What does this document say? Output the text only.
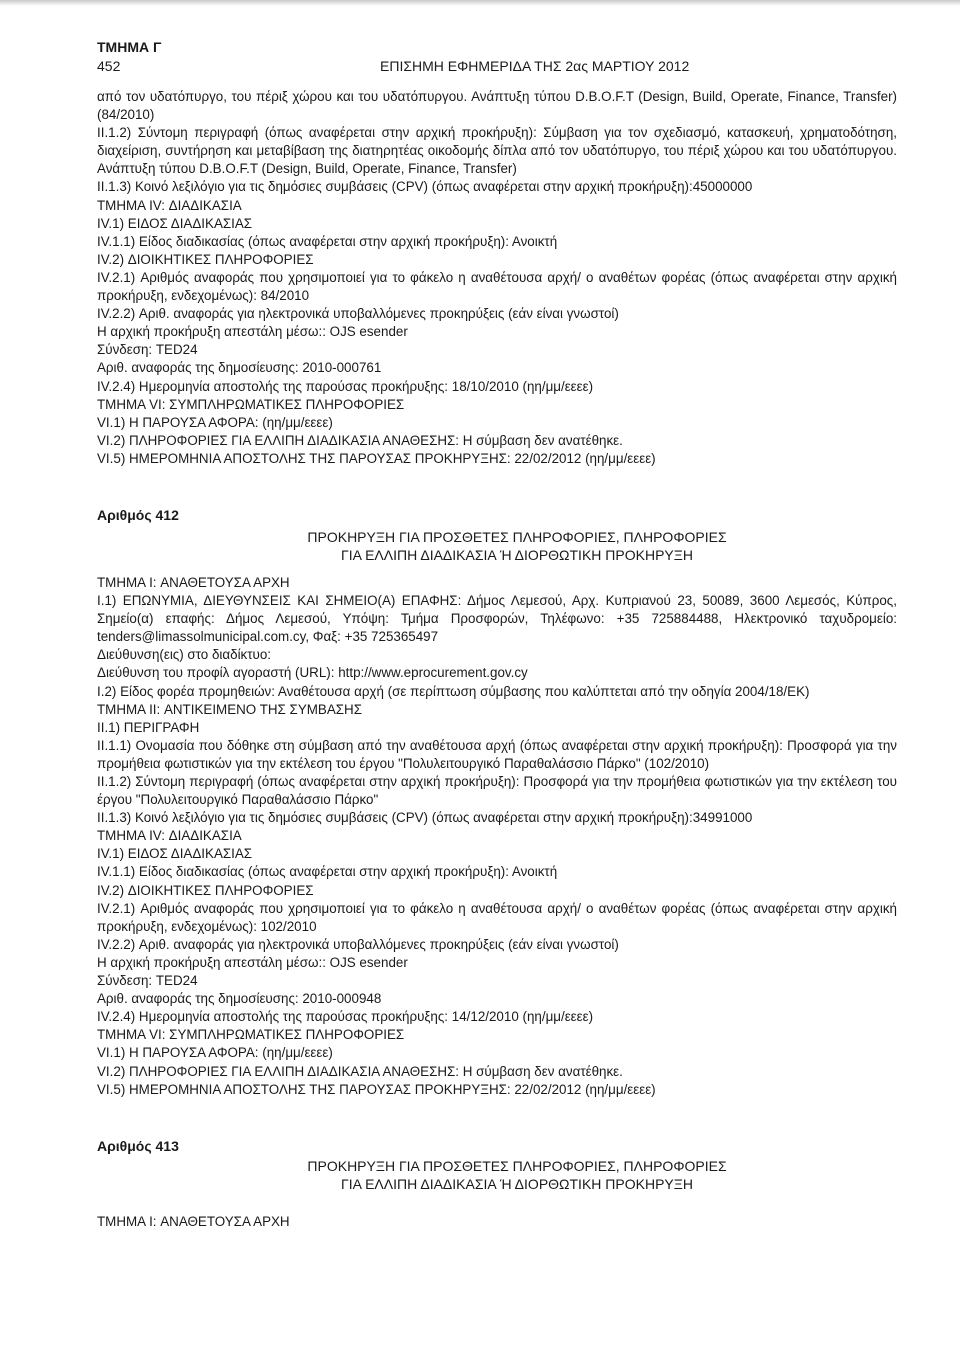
ΤΜΗΜΑ Γ

452	ΕΠΙΣΗΜΗ ΕΦΗΜΕΡΙΔΑ ΤΗΣ 2ας ΜΑΡΤΙΟΥ 2012

από τον υδατόπυργο, του πέριξ χώρου και του υδατόπυργου. Ανάπτυξη τύπου D.B.O.F.T (Design, Build, Operate, Finance, Transfer) (84/2010)

II.1.2) Σύντομη περιγραφή (όπως αναφέρεται στην αρχική προκήρυξη): Σύμβαση για τον σχεδιασμό, κατασκευή, χρηματοδότηση, διαχείριση, συντήρηση και μεταβίβαση της διατηρητέας οικοδομής δίπλα από τον υδατόπυργο, του πέριξ χώρου και του υδατόπυργου. Ανάπτυξη τύπου D.B.O.F.T (Design, Build, Operate, Finance, Transfer)

II.1.3) Κοινό λεξιλόγιο για τις δημόσιες συμβάσεις (CPV) (όπως αναφέρεται στην αρχική προκήρυξη):45000000

ΤΜΗΜΑ IV: ΔΙΑΔΙΚΑΣΙΑ

IV.1) ΕΙΔΟΣ ΔΙΑΔΙΚΑΣΙΑΣ

IV.1.1) Είδος διαδικασίας (όπως αναφέρεται στην αρχική προκήρυξη): Ανοικτή

IV.2) ΔΙΟΙΚΗΤΙΚΕΣ ΠΛΗΡΟΦΟΡΙΕΣ

IV.2.1) Αριθμός αναφοράς που χρησιμοποιεί για το φάκελο η αναθέτουσα αρχή/ ο αναθέτων φορέας (όπως αναφέρεται στην αρχική προκήρυξη, ενδεχομένως): 84/2010

IV.2.2) Αριθ. αναφοράς για ηλεκτρονικά υποβαλλόμενες προκηρύξεις (εάν είναι γνωστοί)

Η αρχική προκήρυξη απεστάλη μέσω:: OJS esender

Σύνδεση: TED24

Αριθ. αναφοράς της δημοσίευσης: 2010-000761

IV.2.4) Ημερομηνία αποστολής της παρούσας προκήρυξης: 18/10/2010 (ηη/μμ/εεεε)

ΤΜΗΜΑ VI: ΣΥΜΠΛΗΡΩΜΑΤΙΚΕΣ ΠΛΗΡΟΦΟΡΙΕΣ

VI.1) Η ΠΑΡΟΥΣΑ ΑΦΟΡΑ: (ηη/μμ/εεεε)

VI.2) ΠΛΗΡΟΦΟΡΙΕΣ ΓΙΑ ΕΛΛΙΠΗ ΔΙΑΔΙΚΑΣΙΑ ΑΝΑΘΕΣΗΣ: Η σύμβαση δεν ανατέθηκε.

VI.5) ΗΜΕΡΟΜΗΝΙΑ ΑΠΟΣΤΟΛΗΣ ΤΗΣ ΠΑΡΟΥΣΑΣ ΠΡΟΚΗΡΥΞΗΣ: 22/02/2012 (ηη/μμ/εεεε)

Αριθμός 412

ΠΡΟΚΗΡΥΞΗ ΓΙΑ ΠΡΟΣΘΕΤΕΣ ΠΛΗΡΟΦΟΡΙΕΣ, ΠΛΗΡΟΦΟΡΙΕΣ

ΓΙΑ ΕΛΛΙΠΗ ΔΙΑΔΙΚΑΣΙΑ Ή ΔΙΟΡΘΩΤΙΚΗ ΠΡΟΚΗΡΥΞΗ

ΤΜΗΜΑ I: ΑΝΑΘΕΤΟΥΣΑ ΑΡΧΗ

I.1) ΕΠΩΝΥΜΙΑ, ΔΙΕΥΘΥΝΣΕΙΣ ΚΑΙ ΣΗΜΕΙΟ(Α) ΕΠΑΦΗΣ: Δήμος Λεμεσού, Αρχ. Κυπριανού 23, 50089, 3600 Λεμεσός, Κύπρος, Σημείο(α) επαφής: Δήμος Λεμεσού, Υπόψη: Τμήμα Προσφορών, Τηλέφωνο: +35 725884488, Ηλεκτρονικό ταχυδρομείο: tenders@limassolmunicipal.com.cy, Φαξ: +35 725365497

Διεύθυνση(εις) στο διαδίκτυο:

Διεύθυνση του προφίλ αγοραστή (URL): http://www.eprocurement.gov.cy

I.2) Είδος φορέα προμηθειών: Αναθέτουσα αρχή (σε περίπτωση σύμβασης που καλύπτεται από την οδηγία 2004/18/ΕΚ)

ΤΜΗΜΑ II: ΑΝΤΙΚΕΙΜΕΝΟ ΤΗΣ ΣΥΜΒΑΣΗΣ

II.1) ΠΕΡΙΓΡΑΦΗ

II.1.1) Ονομασία που δόθηκε στη σύμβαση από την αναθέτουσα αρχή (όπως αναφέρεται στην αρχική προκήρυξη): Προσφορά για την προμήθεια φωτιστικών για την εκτέλεση του έργου "Πολυλειτουργικό Παραθαλάσσιο Πάρκο" (102/2010)

II.1.2) Σύντομη περιγραφή (όπως αναφέρεται στην αρχική προκήρυξη): Προσφορά για την προμήθεια φωτιστικών για την εκτέλεση του έργου "Πολυλειτουργικό Παραθαλάσσιο Πάρκο"

II.1.3) Κοινό λεξιλόγιο για τις δημόσιες συμβάσεις (CPV) (όπως αναφέρεται στην αρχική προκήρυξη):34991000

ΤΜΗΜΑ IV: ΔΙΑΔΙΚΑΣΙΑ

IV.1) ΕΙΔΟΣ ΔΙΑΔΙΚΑΣΙΑΣ

IV.1.1) Είδος διαδικασίας (όπως αναφέρεται στην αρχική προκήρυξη): Ανοικτή

IV.2) ΔΙΟΙΚΗΤΙΚΕΣ ΠΛΗΡΟΦΟΡΙΕΣ

IV.2.1) Αριθμός αναφοράς που χρησιμοποιεί για το φάκελο η αναθέτουσα αρχή/ ο αναθέτων φορέας (όπως αναφέρεται στην αρχική προκήρυξη, ενδεχομένως): 102/2010

IV.2.2) Αριθ. αναφοράς για ηλεκτρονικά υποβαλλόμενες προκηρύξεις (εάν είναι γνωστοί)

Η αρχική προκήρυξη απεστάλη μέσω:: OJS esender

Σύνδεση: TED24

Αριθ. αναφοράς της δημοσίευσης: 2010-000948

IV.2.4) Ημερομηνία αποστολής της παρούσας προκήρυξης: 14/12/2010 (ηη/μμ/εεεε)

ΤΜΗΜΑ VI: ΣΥΜΠΛΗΡΩΜΑΤΙΚΕΣ ΠΛΗΡΟΦΟΡΙΕΣ

VI.1) Η ΠΑΡΟΥΣΑ ΑΦΟΡΑ: (ηη/μμ/εεεε)

VI.2) ΠΛΗΡΟΦΟΡΙΕΣ ΓΙΑ ΕΛΛΙΠΗ ΔΙΑΔΙΚΑΣΙΑ ΑΝΑΘΕΣΗΣ: Η σύμβαση δεν ανατέθηκε.

VI.5) ΗΜΕΡΟΜΗΝΙΑ ΑΠΟΣΤΟΛΗΣ ΤΗΣ ΠΑΡΟΥΣΑΣ ΠΡΟΚΗΡΥΞΗΣ: 22/02/2012 (ηη/μμ/εεεε)

Αριθμός 413

ΠΡΟΚΗΡΥΞΗ ΓΙΑ ΠΡΟΣΘΕΤΕΣ ΠΛΗΡΟΦΟΡΙΕΣ, ΠΛΗΡΟΦΟΡΙΕΣ

ΓΙΑ ΕΛΛΙΠΗ ΔΙΑΔΙΚΑΣΙΑ Ή ΔΙΟΡΘΩΤΙΚΗ ΠΡΟΚΗΡΥΞΗ

ΤΜΗΜΑ I: ΑΝΑΘΕΤΟΥΣΑ ΑΡΧΗ
